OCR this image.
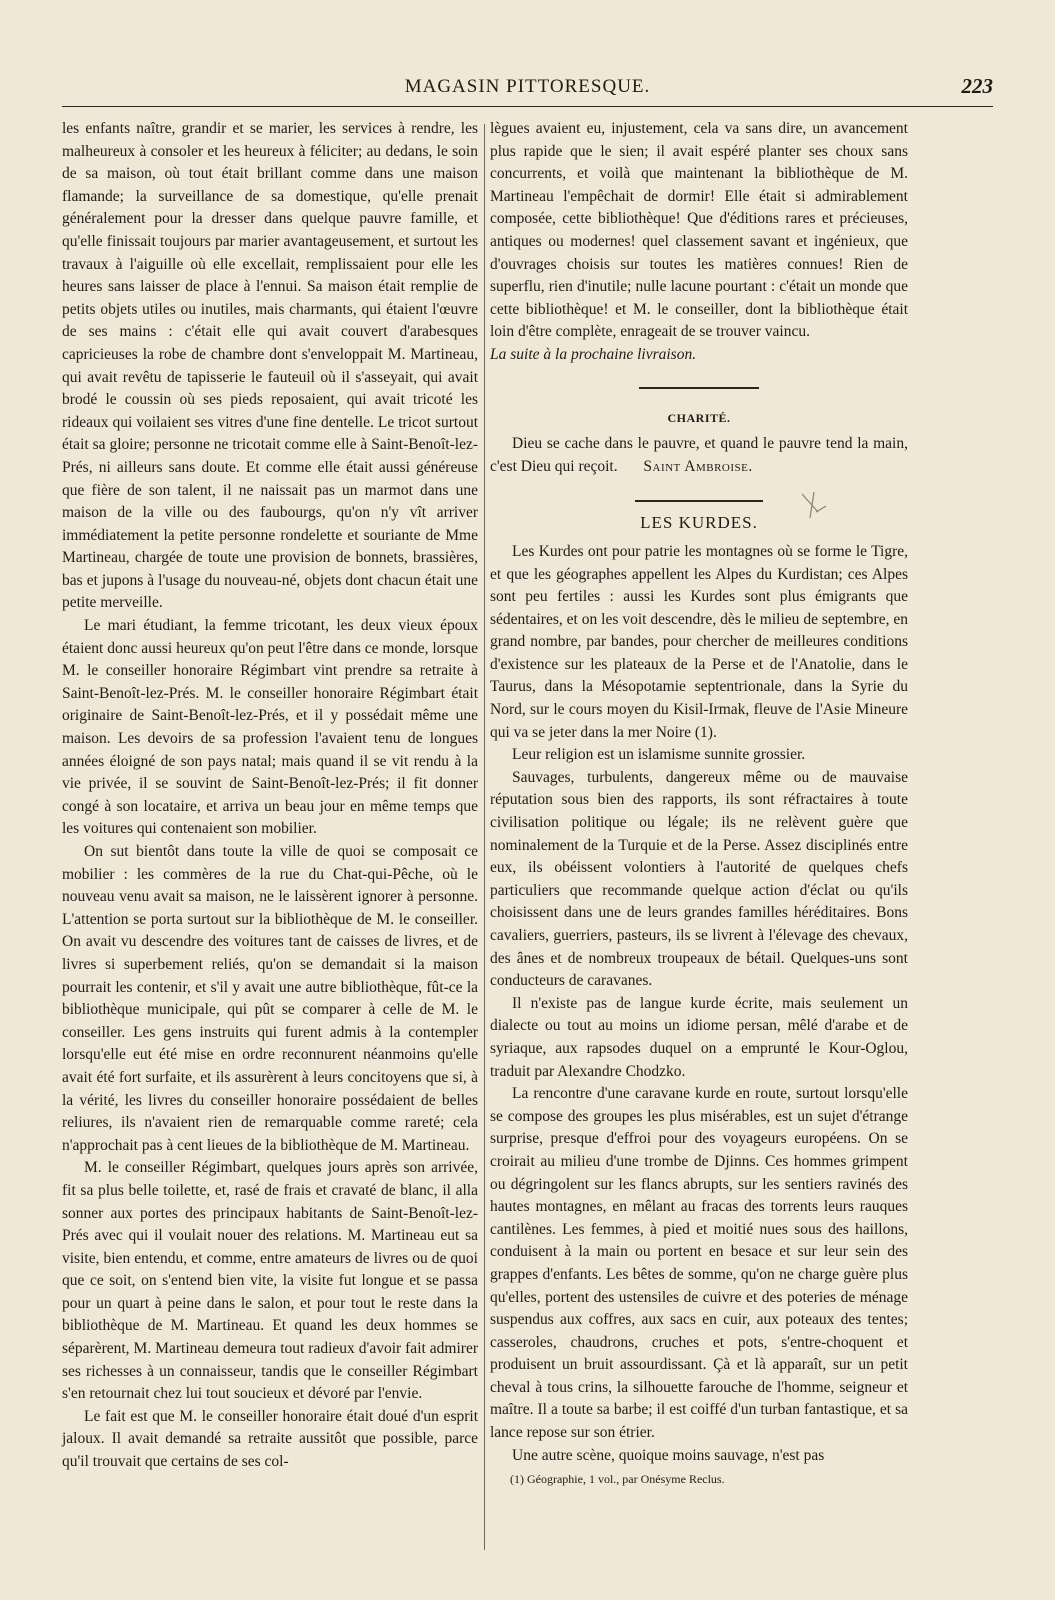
MAGASIN PITTORESQUE.	223

les enfants naître, grandir et se marier, les services à rendre, les malheureux à consoler et les heureux à féliciter; au dedans, le soin de sa maison, où tout était brillant comme dans une maison flamande; la surveillance de sa domestique, qu'elle prenait généralement pour la dresser dans quelque pauvre famille, et qu'elle finissait toujours par marier avantageusement, et surtout les travaux à l'aiguille où elle excellait, remplissaient pour elle les heures sans laisser de place à l'ennui. Sa maison était remplie de petits objets utiles ou inutiles, mais charmants, qui étaient l'œuvre de ses mains : c'était elle qui avait couvert d'arabesques capricieuses la robe de chambre dont s'enveloppait M. Martineau, qui avait revêtu de tapisserie le fauteuil où il s'asseyait, qui avait brodé le coussin où ses pieds reposaient, qui avait tricoté les rideaux qui voilaient ses vitres d'une fine dentelle. Le tricot surtout était sa gloire; personne ne tricotait comme elle à Saint-Benoît-lez-Prés, ni ailleurs sans doute. Et comme elle était aussi généreuse que fière de son talent, il ne naissait pas un marmot dans une maison de la ville ou des faubourgs, qu'on n'y vît arriver immédiatement la petite personne rondelette et souriante de Mme Martineau, chargée de toute une provision de bonnets, brassières, bas et jupons à l'usage du nouveau-né, objets dont chacun était une petite merveille.

Le mari étudiant, la femme tricotant, les deux vieux époux étaient donc aussi heureux qu'on peut l'être dans ce monde, lorsque M. le conseiller honoraire Régimbart vint prendre sa retraite à Saint-Benoît-lez-Prés. M. le conseiller honoraire Régimbart était originaire de Saint-Benoît-lez-Prés, et il y possédait même une maison. Les devoirs de sa profession l'avaient tenu de longues années éloigné de son pays natal; mais quand il se vit rendu à la vie privée, il se souvint de Saint-Benoît-lez-Prés; il fit donner congé à son locataire, et arriva un beau jour en même temps que les voitures qui contenaient son mobilier.

On sut bientôt dans toute la ville de quoi se composait ce mobilier : les commères de la rue du Chat-qui-Pêche, où le nouveau venu avait sa maison, ne le laissèrent ignorer à personne. L'attention se porta surtout sur la bibliothèque de M. le conseiller. On avait vu descendre des voitures tant de caisses de livres, et de livres si superbement reliés, qu'on se demandait si la maison pourrait les contenir, et s'il y avait une autre bibliothèque, fût-ce la bibliothèque municipale, qui pût se comparer à celle de M. le conseiller. Les gens instruits qui furent admis à la contempler lorsqu'elle eut été mise en ordre reconnurent néanmoins qu'elle avait été fort surfaite, et ils assurèrent à leurs concitoyens que si, à la vérité, les livres du conseiller honoraire possédaient de belles reliures, ils n'avaient rien de remarquable comme rareté; cela n'approchait pas à cent lieues de la bibliothèque de M. Martineau.

M. le conseiller Régimbart, quelques jours après son arrivée, fit sa plus belle toilette, et, rasé de frais et cravaté de blanc, il alla sonner aux portes des principaux habitants de Saint-Benoît-lez-Prés avec qui il voulait nouer des relations. M. Martineau eut sa visite, bien entendu, et comme, entre amateurs de livres ou de quoi que ce soit, on s'entend bien vite, la visite fut longue et se passa pour un quart à peine dans le salon, et pour tout le reste dans la bibliothèque de M. Martineau. Et quand les deux hommes se séparèrent, M. Martineau demeura tout radieux d'avoir fait admirer ses richesses à un connaisseur, tandis que le conseiller Régimbart s'en retournait chez lui tout soucieux et dévoré par l'envie.

Le fait est que M. le conseiller honoraire était doué d'un esprit jaloux. Il avait demandé sa retraite aussitôt que possible, parce qu'il trouvait que certains de ses col-

lègues avaient eu, injustement, cela va sans dire, un avancement plus rapide que le sien; il avait espéré planter ses choux sans concurrents, et voilà que maintenant la bibliothèque de M. Martineau l'empêchait de dormir! Elle était si admirablement composée, cette bibliothèque! Que d'éditions rares et précieuses, antiques ou modernes! quel classement savant et ingénieux, que d'ouvrages choisis sur toutes les matières connues! Rien de superflu, rien d'inutile; nulle lacune pourtant : c'était un monde que cette bibliothèque! et M. le conseiller, dont la bibliothèque était loin d'être complète, enrageait de se trouver vaincu.

La suite à la prochaine livraison.

CHARITÉ.

Dieu se cache dans le pauvre, et quand le pauvre tend la main, c'est Dieu qui reçoit. Saint Ambroise.

LES KURDES.

Les Kurdes ont pour patrie les montagnes où se forme le Tigre, et que les géographes appellent les Alpes du Kurdistan; ces Alpes sont peu fertiles : aussi les Kurdes sont plus émigrants que sédentaires, et on les voit descendre, dès le milieu de septembre, en grand nombre, par bandes, pour chercher de meilleures conditions d'existence sur les plateaux de la Perse et de l'Anatolie, dans le Taurus, dans la Mésopotamie septentrionale, dans la Syrie du Nord, sur le cours moyen du Kisil-Irmak, fleuve de l'Asie Mineure qui va se jeter dans la mer Noire (1).

Leur religion est un islamisme sunnite grossier.

Sauvages, turbulents, dangereux même ou de mauvaise réputation sous bien des rapports, ils sont réfractaires à toute civilisation politique ou légale; ils ne relèvent guère que nominalement de la Turquie et de la Perse. Assez disciplinés entre eux, ils obéissent volontiers à l'autorité de quelques chefs particuliers que recommande quelque action d'éclat ou qu'ils choisissent dans une de leurs grandes familles héréditaires. Bons cavaliers, guerriers, pasteurs, ils se livrent à l'élevage des chevaux, des ânes et de nombreux troupeaux de bétail. Quelques-uns sont conducteurs de caravanes.

Il n'existe pas de langue kurde écrite, mais seulement un dialecte ou tout au moins un idiome persan, mêlé d'arabe et de syriaque, aux rapsodes duquel on a emprunté le Kour-Oglou, traduit par Alexandre Chodzko.

La rencontre d'une caravane kurde en route, surtout lorsqu'elle se compose des groupes les plus misérables, est un sujet d'étrange surprise, presque d'effroi pour des voyageurs européens. On se croirait au milieu d'une trombe de Djinns. Ces hommes grimpent ou dégringolent sur les flancs abrupts, sur les sentiers ravinés des hautes montagnes, en mêlant au fracas des torrents leurs rauques cantilènes. Les femmes, à pied et moitié nues sous des haillons, conduisent à la main ou portent en besace et sur leur sein des grappes d'enfants. Les bêtes de somme, qu'on ne charge guère plus qu'elles, portent des ustensiles de cuivre et des poteries de ménage suspendus aux coffres, aux sacs en cuir, aux poteaux des tentes; casseroles, chaudrons, cruches et pots, s'entre-choquent et produisent un bruit assourdissant. Çà et là apparaît, sur un petit cheval à tous crins, la silhouette farouche de l'homme, seigneur et maître. Il a toute sa barbe; il est coiffé d'un turban fantastique, et sa lance repose sur son étrier.

Une autre scène, quoique moins sauvage, n'est pas

(1) Géographie, 1 vol., par Onésyme Reclus.
